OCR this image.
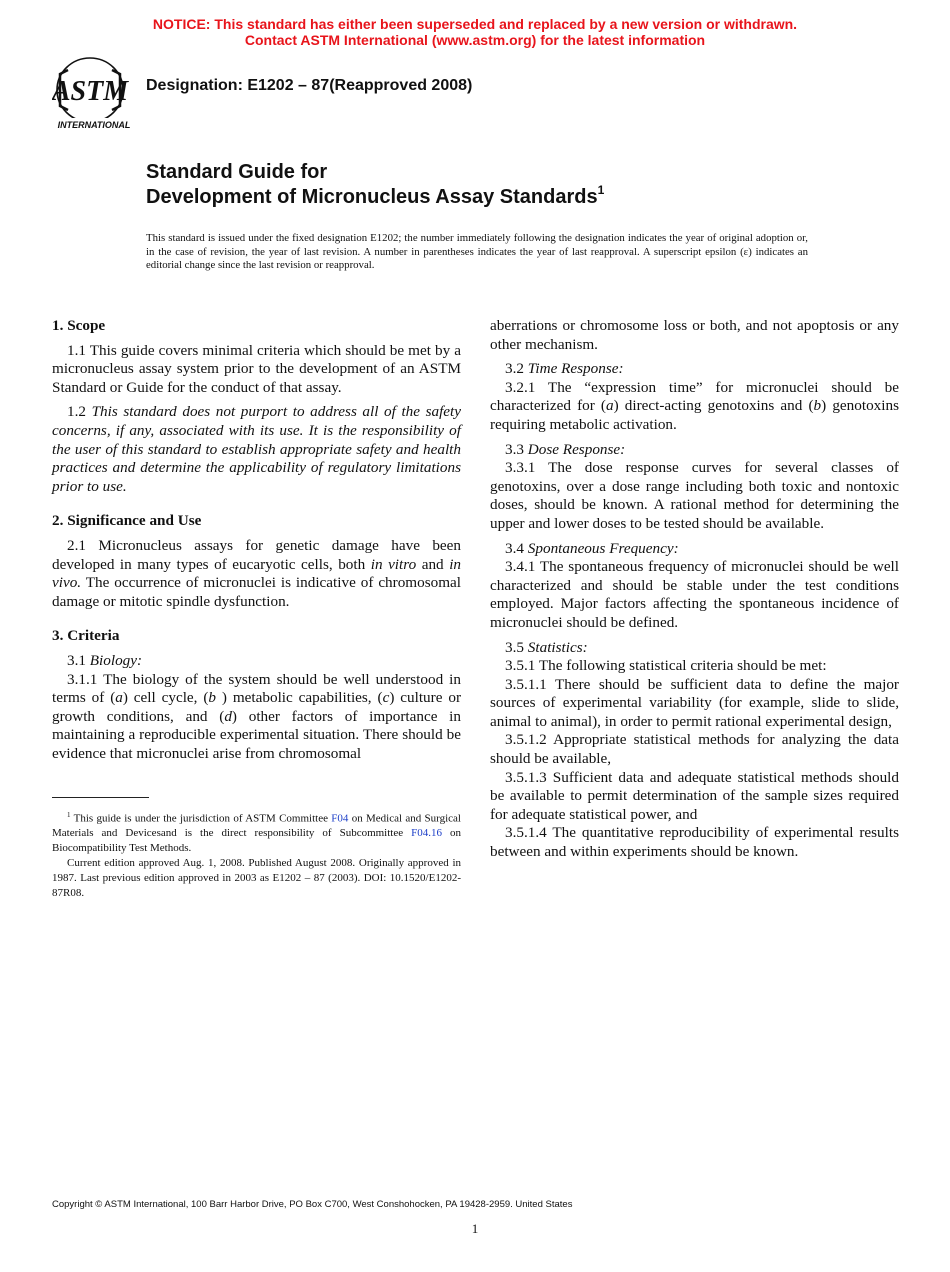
NOTICE: This standard has either been superseded and replaced by a new version or withdrawn.
Contact ASTM International (www.astm.org) for the latest information
ASTM
INTERNATIONAL
Designation: E1202 – 87(Reapproved 2008)
Standard Guide for
Development of Micronucleus Assay Standards$^1$
This standard is issued under the fixed designation E1202; the number immediately following the designation indicates the year of original adoption or, in the case of revision, the year of last revision. A number in parentheses indicates the year of last reapproval. A superscript epsilon (ε) indicates an editorial change since the last revision or reapproval.
1. Scope

1.1 This guide covers minimal criteria which should be met by a micronucleus assay system prior to the development of an ASTM Standard or Guide for the conduct of that assay.

1.2 This standard does not purport to address all of the safety concerns, if any, associated with its use. It is the responsibility of the user of this standard to establish appropriate safety and health practices and determine the applicability of regulatory limitations prior to use.

2. Significance and Use

2.1 Micronucleus assays for genetic damage have been developed in many types of eucaryotic cells, both in vitro and in vivo. The occurrence of micronuclei is indicative of chromosomal damage or mitotic spindle dysfunction.

3. Criteria

3.1 Biology:

3.1.1 The biology of the system should be well understood in terms of (a) cell cycle, (b ) metabolic capabilities, (c) culture or growth conditions, and (d) other factors of importance in maintaining a reproducible experimental situation. There should be evidence that micronuclei arise from chromosomal

$^1$ This guide is under the jurisdiction of ASTM Committee F04 on Medical and Surgical Materials and Devicesand is the direct responsibility of Subcommittee F04.16 on Biocompatibility Test Methods.

Current edition approved Aug. 1, 2008. Published August 2008. Originally approved in 1987. Last previous edition approved in 2003 as E1202 – 87 (2003). DOI: 10.1520/E1202-87R08.

aberrations or chromosome loss or both, and not apoptosis or any other mechanism.

3.2 Time Response:

3.2.1 The “expression time” for micronuclei should be characterized for (a) direct-acting genotoxins and (b) genotoxins requiring metabolic activation.

3.3 Dose Response:

3.3.1 The dose response curves for several classes of genotoxins, over a dose range including both toxic and nontoxic doses, should be known. A rational method for determining the upper and lower doses to be tested should be available.

3.4 Spontaneous Frequency:

3.4.1 The spontaneous frequency of micronuclei should be well characterized and should be stable under the test conditions employed. Major factors affecting the spontaneous incidence of micronuclei should be defined.

3.5 Statistics:

3.5.1 The following statistical criteria should be met:

3.5.1.1 There should be sufficient data to define the major sources of experimental variability (for example, slide to slide, animal to animal), in order to permit rational experimental design,

3.5.1.2 Appropriate statistical methods for analyzing the data should be available,

3.5.1.3 Sufficient data and adequate statistical methods should be available to permit determination of the sample sizes required for adequate statistical power, and

3.5.1.4 The quantitative reproducibility of experimental results between and within experiments should be known.

Copyright © ASTM International, 100 Barr Harbor Drive, PO Box C700, West Conshohocken, PA 19428-2959. United States
1
